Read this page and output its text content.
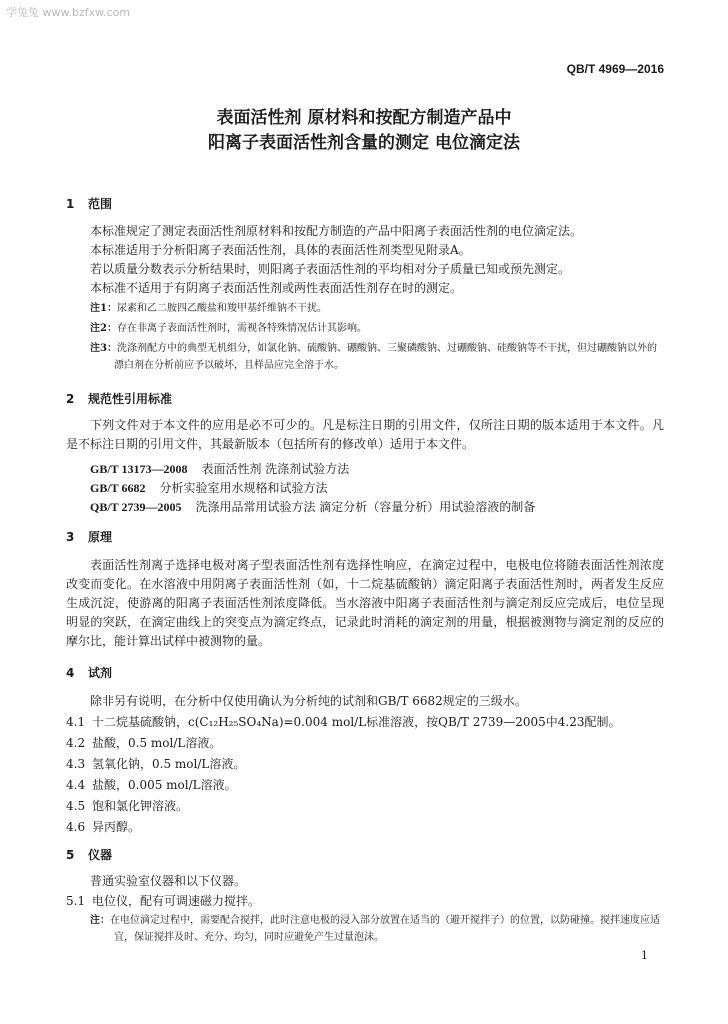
学兔兔 www.bzfxw.com
QB/T 4969—2016
表面活性剂 原材料和按配方制造产品中
阳离子表面活性剂含量的测定 电位滴定法
1 范围
本标准规定了测定表面活性剂原材料和按配方制造的产品中阳离子表面活性剂的电位滴定法。
本标准适用于分析阳离子表面活性剂，具体的表面活性剂类型见附录A。
若以质量分数表示分析结果时，则阳离子表面活性剂的平均相对分子质量已知或预先测定。
本标准不适用于有阴离子表面活性剂或两性表面活性剂存在时的测定。
注1：尿素和乙二胺四乙酸盐和羧甲基纤维钠不干扰。
注2：存在非离子表面活性剂时，需视各特殊情况估计其影响。
注3：洗涤剂配方中的典型无机组分，如氯化钠、硫酸钠、硼酸钠、三聚磷酸钠、过硼酸钠、硅酸钠等不干扰，但过硼酸钠以外的漂白剂在分析前应予以破坏，且样品应完全溶于水。
2 规范性引用标准
下列文件对于本文件的应用是必不可少的。凡是标注日期的引用文件，仅所注日期的版本适用于本文件。凡是不标注日期的引用文件，其最新版本（包括所有的修改单）适用于本文件。
GB/T 13173—2008 表面活性剂 洗涤剂试验方法
GB/T 6682 分析实验室用水规格和试验方法
QB/T 2739—2005 洗涤用品常用试验方法 滴定分析（容量分析）用试验溶液的制备
3 原理
表面活性剂离子选择电极对离子型表面活性剂有选择性响应，在滴定过程中，电极电位将随表面活性剂浓度改变而变化。在水溶液中用阴离子表面活性剂（如，十二烷基硫酸钠）滴定阳离子表面活性剂时，两者发生反应生成沉淀，使游离的阳离子表面活性剂浓度降低。当水溶液中阳离子表面活性剂与滴定剂反应完成后，电位呈现明显的突跃，在滴定曲线上的突变点为滴定终点，记录此时消耗的滴定剂的用量，根据被测物与滴定剂的反应的摩尔比，能计算出试样中被测物的量。
4 试剂
除非另有说明，在分析中仅使用确认为分析纯的试剂和GB/T 6682规定的三级水。
4.1 十二烷基硫酸钠，c(C₁₂H₂₅SO₄Na)=0.004 mol/L标准溶液，按QB/T 2739—2005中4.23配制。
4.2 盐酸，0.5 mol/L溶液。
4.3 氢氧化钠，0.5 mol/L溶液。
4.4 盐酸，0.005 mol/L溶液。
4.5 饱和氯化钾溶液。
4.6 异丙醇。
5 仪器
普通实验室仪器和以下仪器。
5.1 电位仪，配有可调速磁力搅拌。
注：在电位滴定过程中，需要配合搅拌，此时注意电极的浸入部分放置在适当的（避开搅拌子）的位置，以防碰撞。搅拌速度应适宜，保证搅拌及时、充分、均匀，同时应避免产生过量泡沫。
1
